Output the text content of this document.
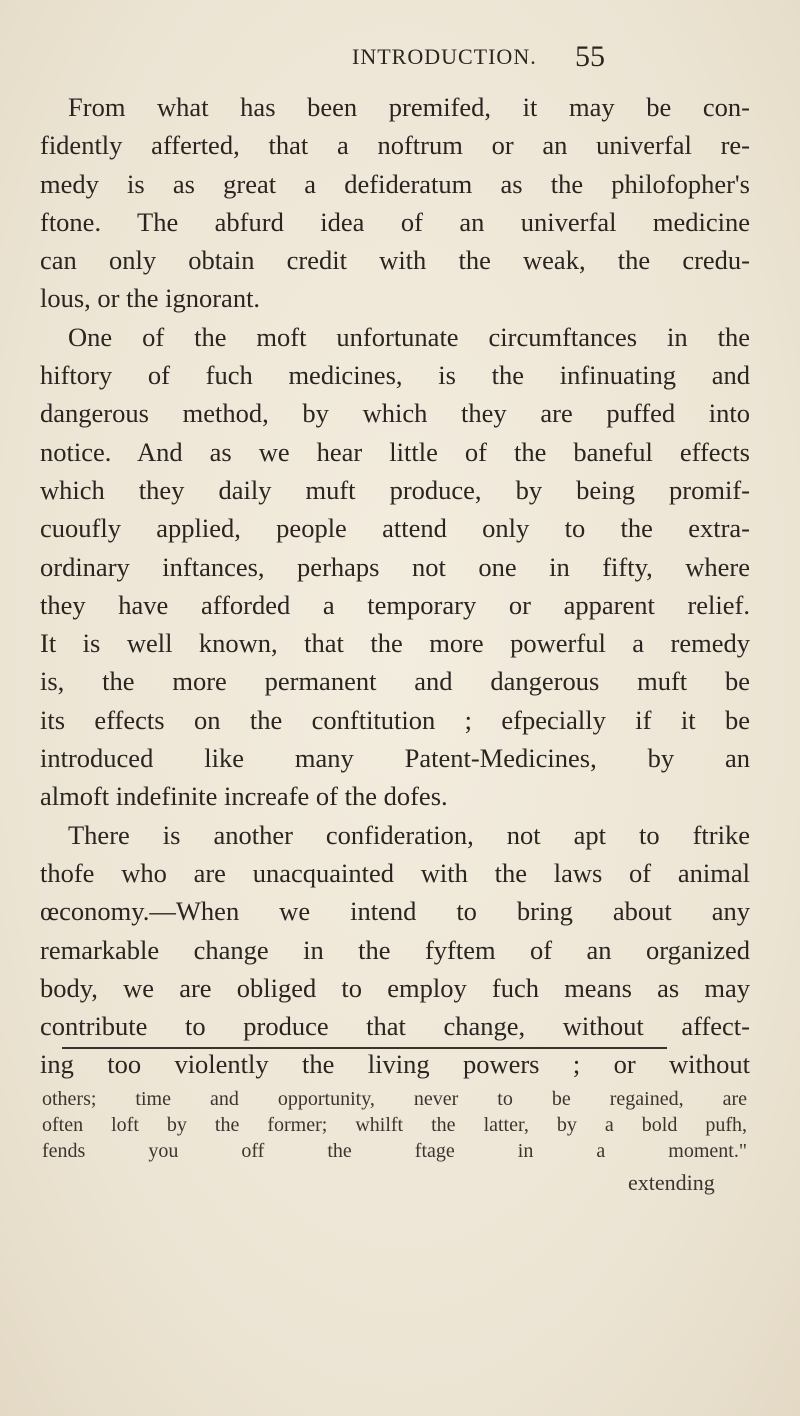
INTRODUCTION. 55
From what has been premifed, it may be con-
fidently afferted, that a noftrum or an univerfal re-
medy is as great a defideratum as the philofopher's
ftone. The abfurd idea of an univerfal medicine
can only obtain credit with the weak, the credu-
lous, or the ignorant.
One of the moft unfortunate circumftances in the
hiftory of fuch medicines, is the infinuating and
dangerous method, by which they are puffed into
notice. And as we hear little of the baneful effects
which they daily muft produce, by being promif-
cuoufly applied, people attend only to the extra-
ordinary inftances, perhaps not one in fifty, where
they have afforded a temporary or apparent relief.
It is well known, that the more powerful a remedy
is, the more permanent and dangerous muft be
its effects on the conftitution ; efpecially if it be
introduced like many Patent-Medicines, by an
almoft indefinite increafe of the dofes.
There is another confideration, not apt to ftrike
thofe who are unacquainted with the laws of animal
œconomy.—When we intend to bring about any
remarkable change in the fyftem of an organized
body, we are obliged to employ fuch means as may
contribute to produce that change, without affect-
ing too violently the living powers ; or without
others; time and opportunity, never to be regained, are
often loft by the former; whilft the latter, by a bold pufh,
fends you off the ftage in a moment."
extending
